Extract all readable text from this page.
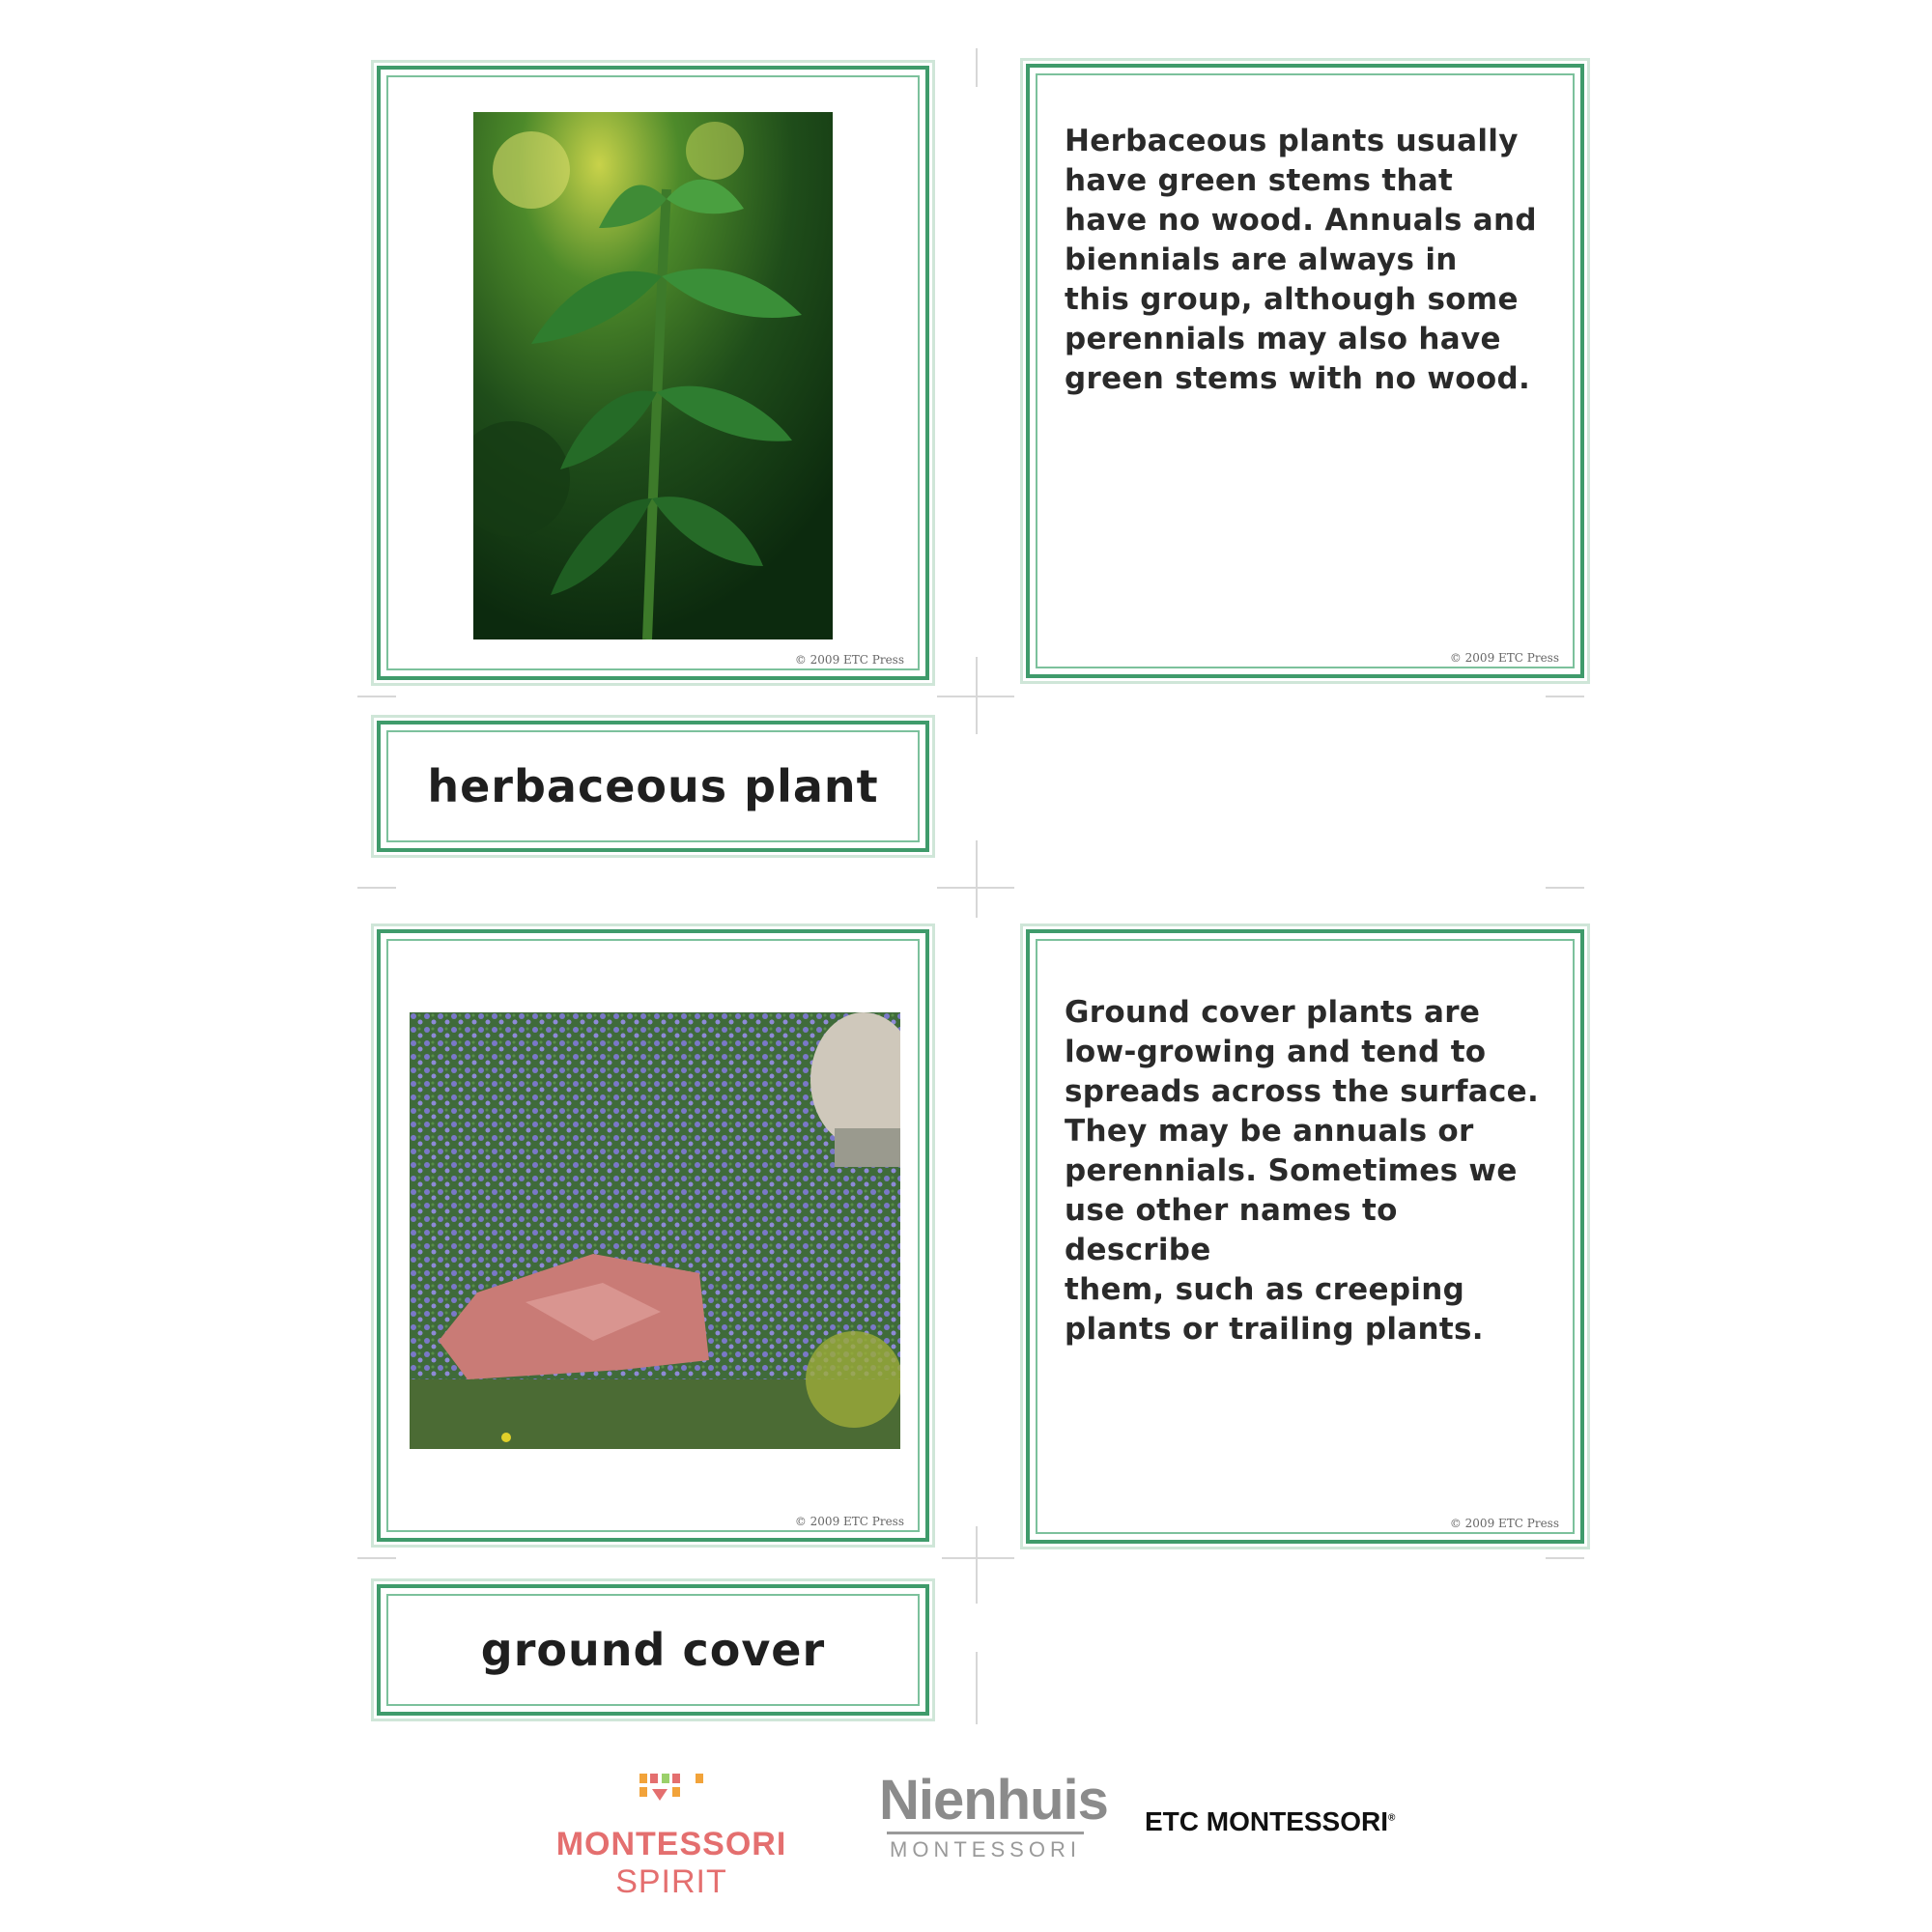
© 2009 ETC Press
Herbaceous plants usually
have green stems that
have no wood. Annuals and
biennials are always in
this group, although some
perennials may also have
green stems with no wood.
© 2009 ETC Press
herbaceous plant
© 2009 ETC Press
Ground cover plants are
low-growing and tend to
spreads across the surface.
They may be annuals or
perennials. Sometimes we
use other names to describe
them, such as creeping
plants or trailing plants.
© 2009 ETC Press
ground cover
MONTESSORI SPIRIT
Nienhuis
MONTESSORI
ETC MONTESSORI®
